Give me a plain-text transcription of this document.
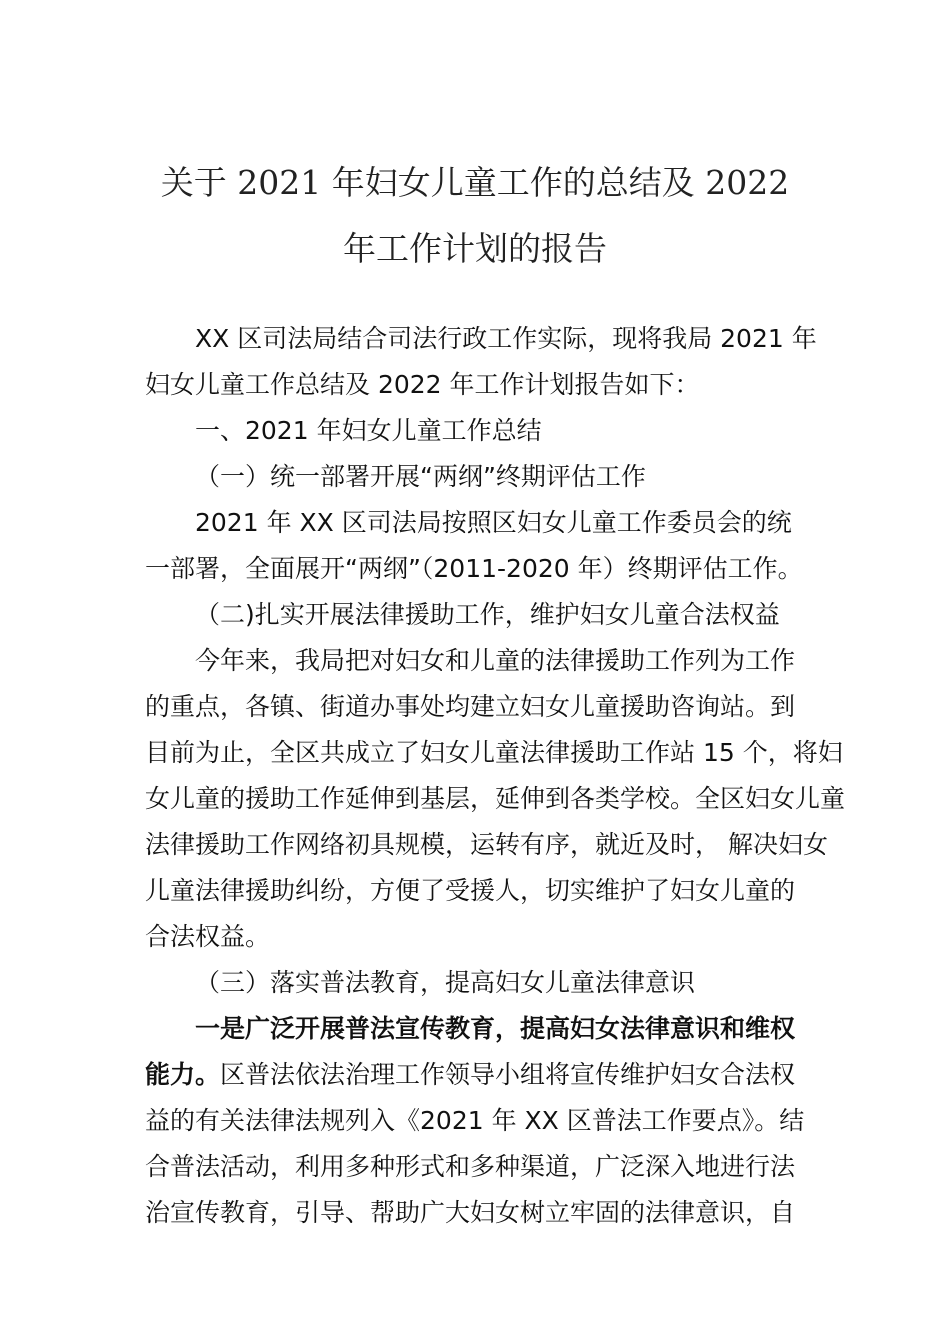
关于 2021 年妇女儿童工作的总结及 2022
年工作计划的报告
XX 区司法局结合司法行政工作实际，现将我局 2021 年
妇女儿童工作总结及 2022 年工作计划报告如下：
一、2021 年妇女儿童工作总结
（一）统一部署开展“两纲”终期评估工作
2021 年 XX 区司法局按照区妇女儿童工作委员会的统
一部署，全面展开“两纲”（2011-2020 年）终期评估工作。
（二)扎实开展法律援助工作，维护妇女儿童合法权益
今年来，我局把对妇女和儿童的法律援助工作列为工作
的重点，各镇、街道办事处均建立妇女儿童援助咨询站。到
目前为止，全区共成立了妇女儿童法律援助工作站 15 个，将妇
女儿童的援助工作延伸到基层，延伸到各类学校。全区妇女儿童
法律援助工作网络初具规模，运转有序，就近及时， 解决妇女
儿童法律援助纠纷，方便了受援人，切实维护了妇女儿童的
合法权益。
（三）落实普法教育，提高妇女儿童法律意识
一是广泛开展普法宣传教育，提高妇女法律意识和维权
能力。区普法依法治理工作领导小组将宣传维护妇女合法权
益的有关法律法规列入《2021 年 XX 区普法工作要点》。结
合普法活动，利用多种形式和多种渠道，广泛深入地进行法
治宣传教育，引导、帮助广大妇女树立牢固的法律意识，自
